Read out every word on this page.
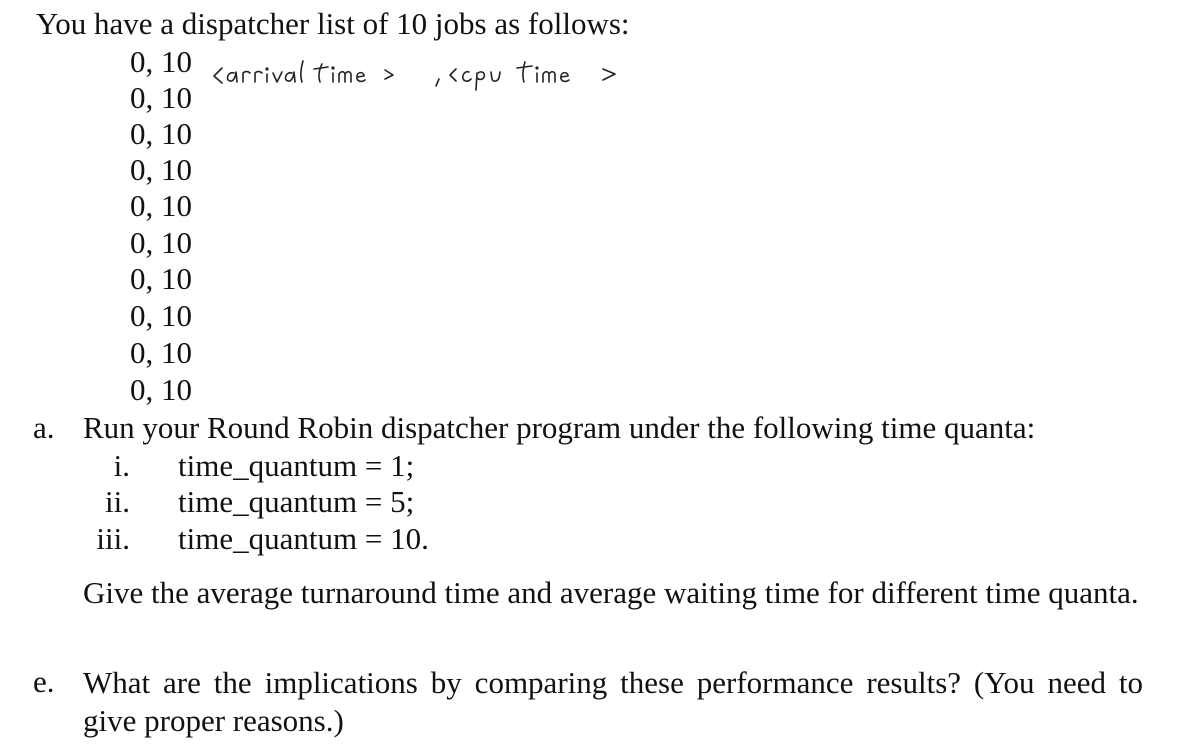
You have a dispatcher list of 10 jobs as follows:
0, 10
0, 10
0, 10
0, 10
0, 10
0, 10
0, 10
0, 10
0, 10
0, 10
a. Run your Round Robin dispatcher program under the following time quanta:
i. time_quantum = 1;
ii. time_quantum = 5;
iii. time_quantum = 10.
Give the average turnaround time and average waiting time for different time quanta.
e. What are the implications by comparing these performance results? (You need to give proper reasons.)
